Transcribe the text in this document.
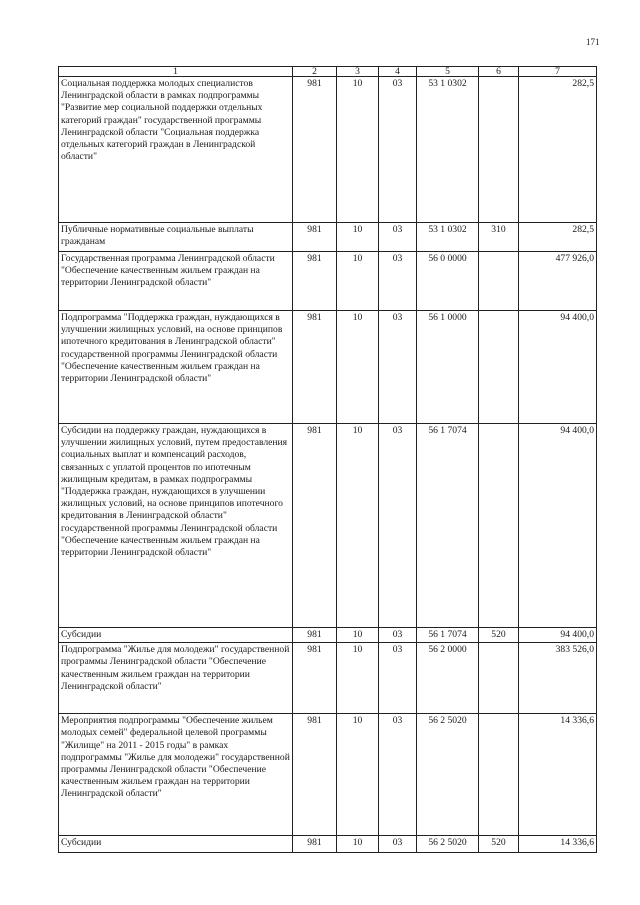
171
1	2	3	4	5	6	7
Социальная поддержка молодых специалистов Ленинградской области в рамках подпрограммы "Развитие мер социальной поддержки отдельных категорий граждан" государственной программы Ленинградской области "Социальная поддержка отдельных категорий граждан в Ленинградской области"	981	10	03	53 1 0302		282,5
Публичные нормативные социальные выплаты гражданам	981	10	03	53 1 0302	310	282,5
Государственная программа Ленинградской области "Обеспечение качественным жильем граждан на территории Ленинградской области"	981	10	03	56 0 0000		477 926,0
Подпрограмма "Поддержка граждан, нуждающихся в улучшении жилищных условий, на основе принципов ипотечного кредитования в Ленинградской области" государственной программы Ленинградской области "Обеспечение качественным жильем граждан на территории Ленинградской области"	981	10	03	56 1 0000		94 400,0
Субсидии на поддержку граждан, нуждающихся в улучшении жилищных условий, путем предоставления социальных выплат и компенсаций расходов, связанных с уплатой процентов по ипотечным жилищным кредитам, в рамках подпрограммы "Поддержка граждан, нуждающихся в улучшении жилищных условий, на основе принципов ипотечного кредитования в Ленинградской области" государственной программы Ленинградской области "Обеспечение качественным жильем граждан на территории Ленинградской области"	981	10	03	56 1 7074		94 400,0
Субсидии	981	10	03	56 1 7074	520	94 400,0
Подпрограмма "Жилье для молодежи" государственной программы Ленинградской области "Обеспечение качественным жильем граждан на территории Ленинградской области"	981	10	03	56 2 0000		383 526,0
Мероприятия подпрограммы "Обеспечение жильем молодых семей" федеральной целевой программы "Жилище" на 2011 - 2015 годы" в рамках подпрограммы "Жилье для молодежи" государственной программы Ленинградской области "Обеспечение качественным жильем граждан на территории Ленинградской области"	981	10	03	56 2 5020		14 336,6
Субсидии	981	10	03	56 2 5020	520	14 336,6
